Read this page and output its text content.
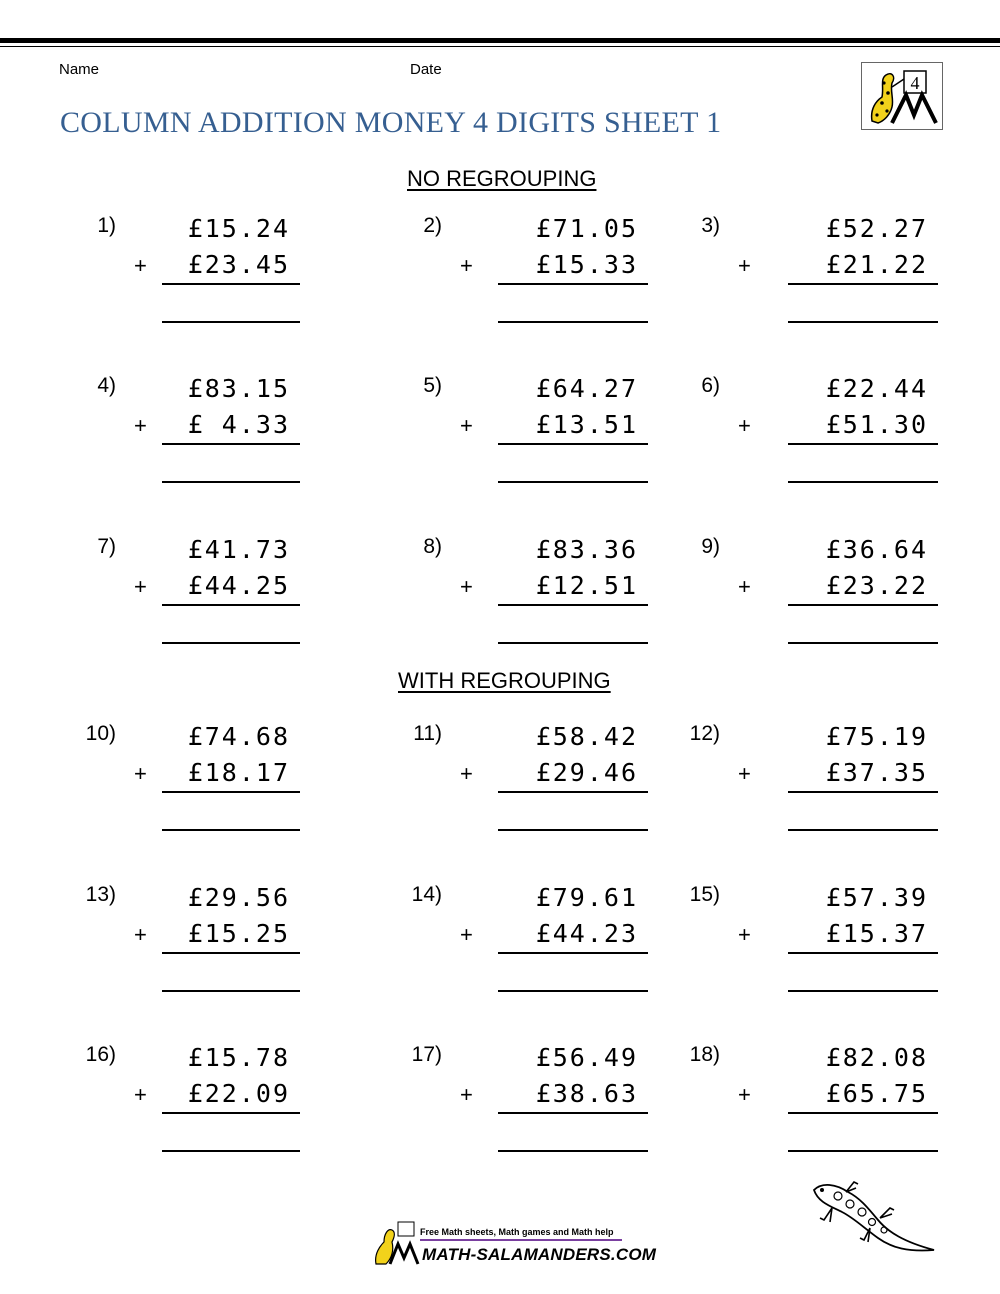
Name	Date
COLUMN ADDITION MONEY 4 DIGITS SHEET 1
4
NO REGROUPING
WITH REGROUPING
1)	£15.24
+ £23.45
2)	£71.05
+	£15.33
3)	£52.27
+	£21.22
4)	£83.15
+ £ 4.33
5)	£64.27
+	£13.51
6)	£22.44
+	£51.30
7)	£41.73
+ £44.25
8)	£83.36
+	£12.51
9)	£36.64
+	£23.22
10)	£74.68
+ £18.17
11)	£58.42
+	£29.46
12)	£75.19
+	£37.35
13)	£29.56
+ £15.25
14)	£79.61
+	£44.23
15)	£57.39
+	£15.37
16)	£15.78
+ £22.09
17)	£56.49
+	£38.63
18)	£82.08
+	£65.75
Free Math sheets, Math games and Math help
MATH-SALAMANDERS.COM
